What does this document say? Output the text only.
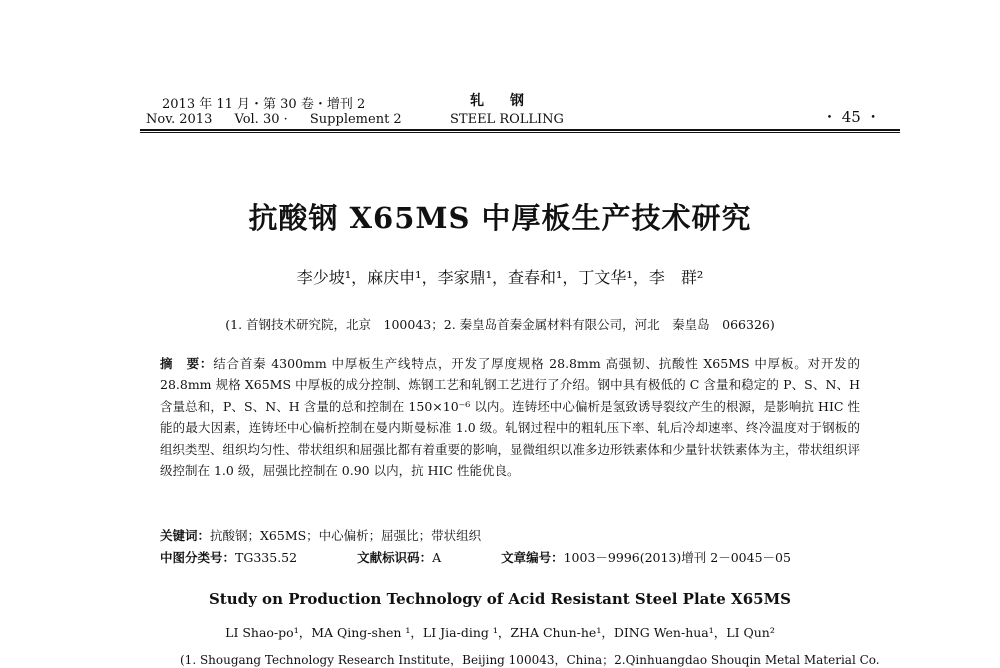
2013 年 11 月・第 30 卷・增刊 2
Nov. 2013 Vol. 30 · Supplement 2
轧钢
STEEL ROLLING	・ 45 ・
抗酸钢 X65MS 中厚板生产技术研究
李少坡¹，麻庆申¹，李家鼎¹，查春和¹，丁文华¹，李　群²
(1. 首钢技术研究院，北京　100043；2. 秦皇岛首秦金属材料有限公司，河北　秦皇岛　066326)
摘　要：结合首秦 4300mm 中厚板生产线特点，开发了厚度规格 28.8mm 高强韧、抗酸性 X65MS 中厚板。对开发的 28.8mm 规格 X65MS 中厚板的成分控制、炼钢工艺和轧钢工艺进行了介绍。钢中具有极低的 C 含量和稳定的 P、S、N、H 含量总和，P、S、N、H 含量的总和控制在 150×10⁻⁶ 以内。连铸坯中心偏析是氢致诱导裂纹产生的根源，是影响抗 HIC 性能的最大因素，连铸坯中心偏析控制在曼内斯曼标准 1.0 级。轧钢过程中的粗轧压下率、轧后冷却速率、终冷温度对于钢板的组织类型、组织均匀性、带状组织和屈强比都有着重要的影响，显微组织以准多边形铁素体和少量针状铁素体为主，带状组织评级控制在 1.0 级，屈强比控制在 0.90 以内，抗 HIC 性能优良。
关键词：抗酸钢；X65MS；中心偏析；屈强比；带状组织
中图分类号：TG335.52	文献标识码：A	文章编号：1003－9996(2013)增刊 2－0045－05
Study on Production Technology of Acid Resistant Steel Plate X65MS
LI Shao-po¹，MA Qing-shen ¹，LI Jia-ding ¹，ZHA Chun-he¹，DING Wen-hua¹，LI Qun²
(1. Shougang Technology Research Institute，Beijing 100043，China；2.Qinhuangdao Shouqin Metal Material Co.
